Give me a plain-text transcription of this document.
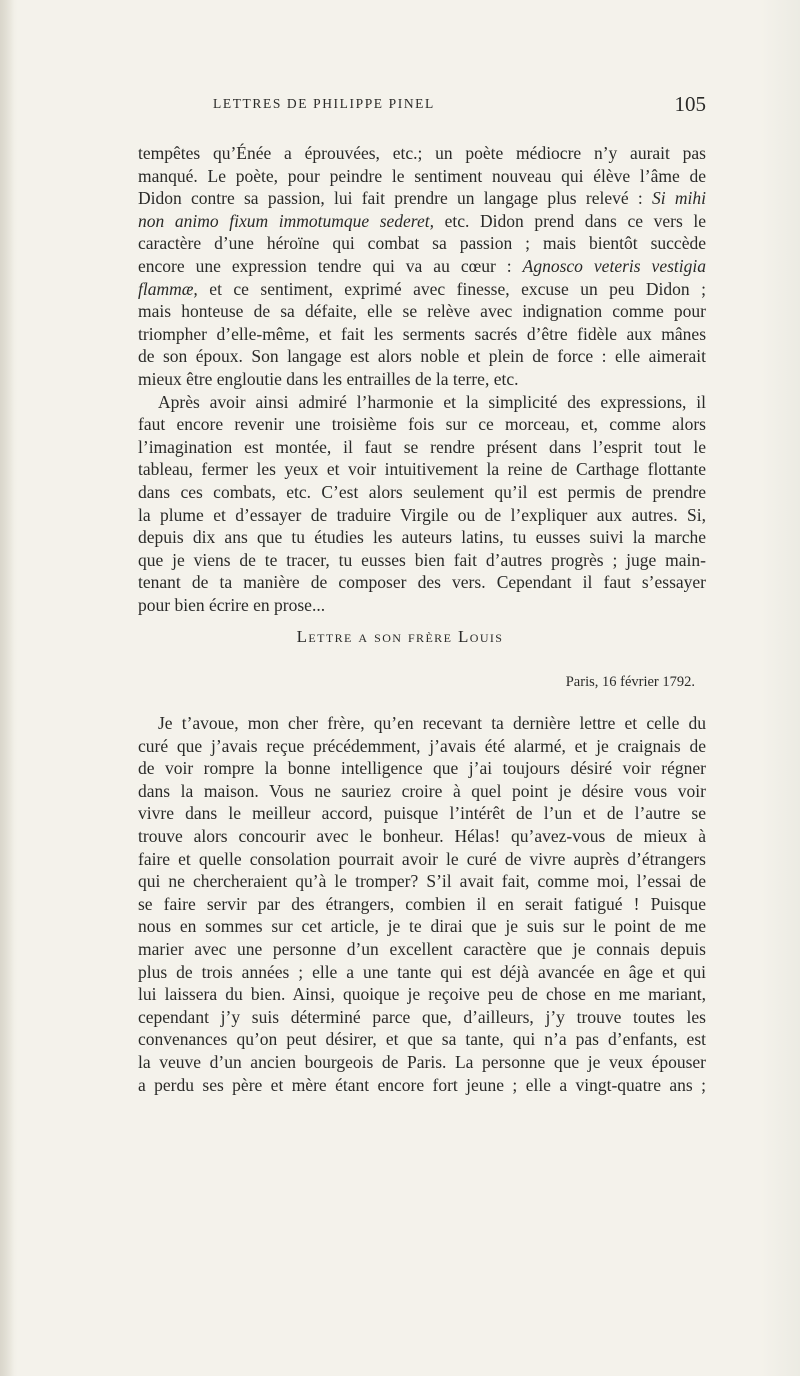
LETTRES DE PHILIPPE PINEL	105
tempêtes qu’Énée a éprouvées, etc.; un poète médiocre n’y aurait pas
manqué. Le poète, pour peindre le sentiment nouveau qui élève l’âme de
Didon contre sa passion, lui fait prendre un langage plus relevé : Si mihi
non animo fixum immotumque sederet, etc. Didon prend dans ce vers le
caractère d’une héroïne qui combat sa passion ; mais bientôt succède
encore une expression tendre qui va au cœur : Agnosco veteris vestigia
flammæ, et ce sentiment, exprimé avec finesse, excuse un peu Didon ;
mais honteuse de sa défaite, elle se relève avec indignation comme pour
triompher d’elle-même, et fait les serments sacrés d’être fidèle aux mânes
de son époux. Son langage est alors noble et plein de force : elle aimerait
mieux être engloutie dans les entrailles de la terre, etc.
Après avoir ainsi admiré l’harmonie et la simplicité des expressions, il
faut encore revenir une troisième fois sur ce morceau, et, comme alors
l’imagination est montée, il faut se rendre présent dans l’esprit tout le
tableau, fermer les yeux et voir intuitivement la reine de Carthage flottante
dans ces combats, etc. C’est alors seulement qu’il est permis de prendre
la plume et d’essayer de traduire Virgile ou de l’expliquer aux autres. Si,
depuis dix ans que tu étudies les auteurs latins, tu eusses suivi la marche
que je viens de te tracer, tu eusses bien fait d’autres progrès ; juge main-
tenant de ta manière de composer des vers. Cependant il faut s’essayer
pour bien écrire en prose...
Lettre a son frère Louis
Paris, 16 février 1792.
Je t’avoue, mon cher frère, qu’en recevant ta dernière lettre et celle du
curé que j’avais reçue précédemment, j’avais été alarmé, et je craignais de
de voir rompre la bonne intelligence que j’ai toujours désiré voir régner
dans la maison. Vous ne sauriez croire à quel point je désire vous voir
vivre dans le meilleur accord, puisque l’intérêt de l’un et de l’autre se
trouve alors concourir avec le bonheur. Hélas! qu’avez-vous de mieux à
faire et quelle consolation pourrait avoir le curé de vivre auprès d’étrangers
qui ne chercheraient qu’à le tromper? S’il avait fait, comme moi, l’essai de
se faire servir par des étrangers, combien il en serait fatigué ! Puisque
nous en sommes sur cet article, je te dirai que je suis sur le point de me
marier avec une personne d’un excellent caractère que je connais depuis
plus de trois années ; elle a une tante qui est déjà avancée en âge et qui
lui laissera du bien. Ainsi, quoique je reçoive peu de chose en me mariant,
cependant j’y suis déterminé parce que, d’ailleurs, j’y trouve toutes les
convenances qu’on peut désirer, et que sa tante, qui n’a pas d’enfants, est
la veuve d’un ancien bourgeois de Paris. La personne que je veux épouser
a perdu ses père et mère étant encore fort jeune ; elle a vingt-quatre ans ;
